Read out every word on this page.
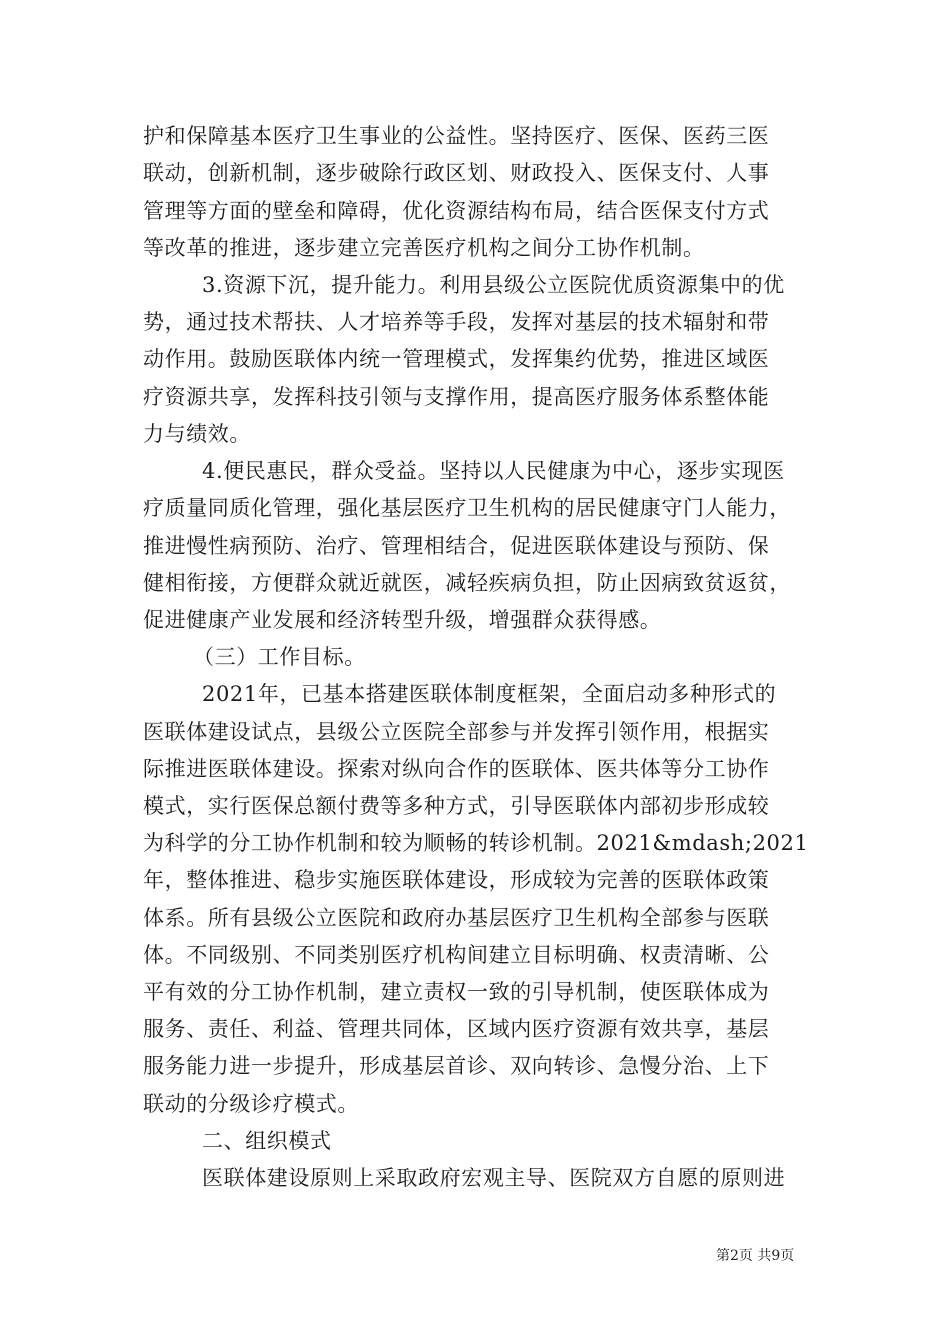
护和保障基本医疗卫生事业的公益性。坚持医疗、医保、医药三医
联动，创新机制，逐步破除行政区划、财政投入、医保支付、人事
管理等方面的壁垒和障碍，优化资源结构布局，结合医保支付方式
等改革的推进，逐步建立完善医疗机构之间分工协作机制。
3.资源下沉，提升能力。利用县级公立医院优质资源集中的优
势，通过技术帮扶、人才培养等手段，发挥对基层的技术辐射和带
动作用。鼓励医联体内统一管理模式，发挥集约优势，推进区域医
疗资源共享，发挥科技引领与支撑作用，提高医疗服务体系整体能
力与绩效。
4.便民惠民，群众受益。坚持以人民健康为中心，逐步实现医
疗质量同质化管理，强化基层医疗卫生机构的居民健康守门人能力，
推进慢性病预防、治疗、管理相结合，促进医联体建设与预防、保
健相衔接，方便群众就近就医，减轻疾病负担，防止因病致贫返贫，
促进健康产业发展和经济转型升级，增强群众获得感。
（三）工作目标。
2021年，已基本搭建医联体制度框架，全面启动多种形式的
医联体建设试点，县级公立医院全部参与并发挥引领作用，根据实
际推进医联体建设。探索对纵向合作的医联体、医共体等分工协作
模式，实行医保总额付费等多种方式，引导医联体内部初步形成较
为科学的分工协作机制和较为顺畅的转诊机制。2021&mdash;2021
年，整体推进、稳步实施医联体建设，形成较为完善的医联体政策
体系。所有县级公立医院和政府办基层医疗卫生机构全部参与医联
体。不同级别、不同类别医疗机构间建立目标明确、权责清晰、公
平有效的分工协作机制，建立责权一致的引导机制，使医联体成为
服务、责任、利益、管理共同体，区域内医疗资源有效共享，基层
服务能力进一步提升，形成基层首诊、双向转诊、急慢分治、上下
联动的分级诊疗模式。
二、组织模式
医联体建设原则上采取政府宏观主导、医院双方自愿的原则进
第2页 共9页
